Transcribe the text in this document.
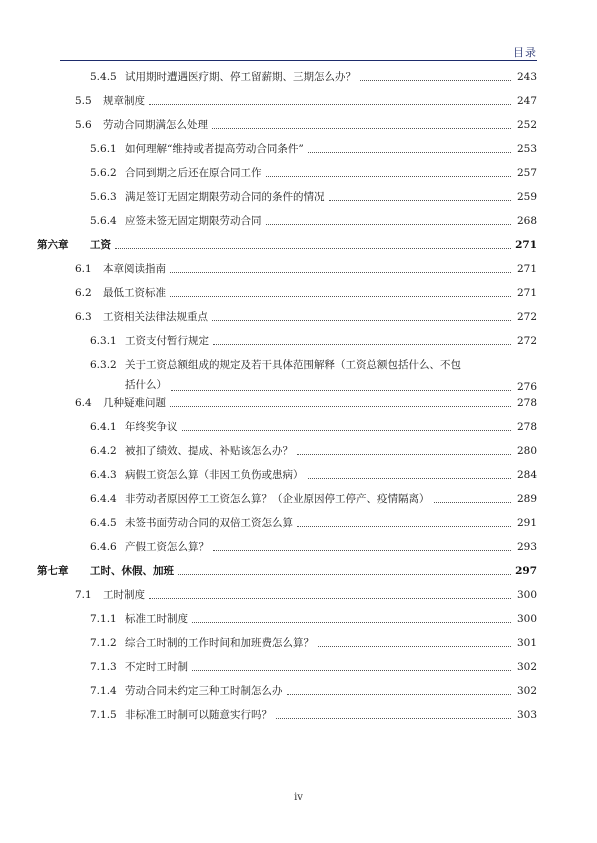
目录
5.4.5 试用期时遭遇医疗期、停工留薪期、三期怎么办？	243
5.5 规章制度	247
5.6 劳动合同期满怎么处理	252
5.6.1 如何理解“维持或者提高劳动合同条件”	253
5.6.2 合同到期之后还在原合同工作	257
5.6.3 满足签订无固定期限劳动合同的条件的情况	259
5.6.4 应签未签无固定期限劳动合同	268
第六章 工资	271
6.1 本章阅读指南	271
6.2 最低工资标准	271
6.3 工资相关法律法规重点	272
6.3.1 工资支付暂行规定	272
6.3.2 关于工资总额组成的规定及若干具体范围解释（工资总额包括什么、不包
括什么）	276
6.4 几种疑难问题	278
6.4.1 年终奖争议	278
6.4.2 被扣了绩效、提成、补贴该怎么办？	280
6.4.3 病假工资怎么算（非因工负伤或患病）	284
6.4.4 非劳动者原因停工工资怎么算？（企业原因停工停产、疫情隔离）	289
6.4.5 未签书面劳动合同的双倍工资怎么算	291
6.4.6 产假工资怎么算？	293
第七章 工时、休假、加班	297
7.1 工时制度	300
7.1.1 标准工时制度	300
7.1.2 综合工时制的工作时间和加班费怎么算？	301
7.1.3 不定时工时制	302
7.1.4 劳动合同未约定三种工时制怎么办	302
7.1.5 非标准工时制可以随意实行吗？	303
iv
